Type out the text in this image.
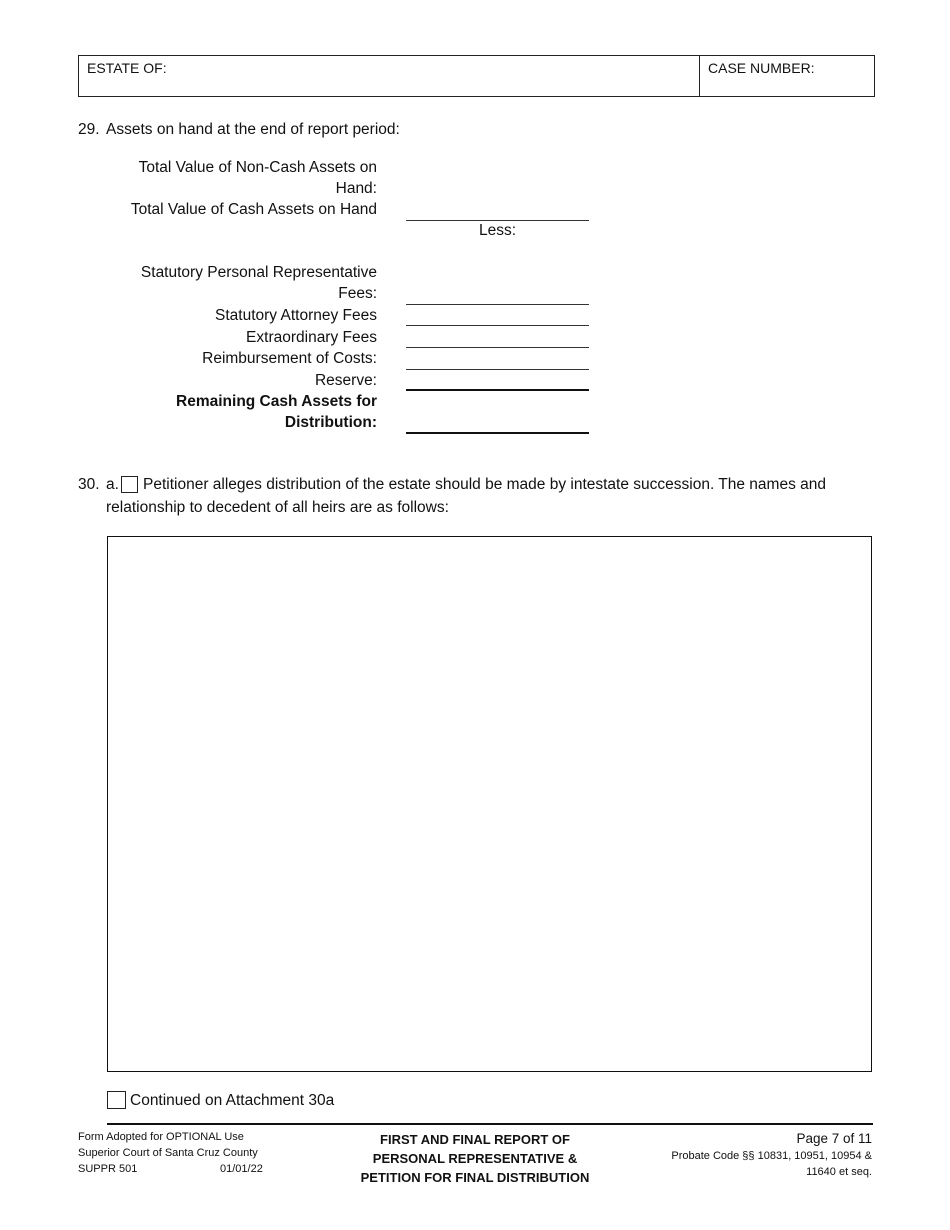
ESTATE OF:	CASE NUMBER:
29. Assets on hand at the end of report period:
Total Value of Non-Cash Assets on
Hand:
Total Value of Cash Assets on Hand
Less:
Statutory Personal Representative
Fees:
Statutory Attorney Fees
Extraordinary Fees
Reimbursement of Costs:
Reserve:
Remaining Cash Assets for
Distribution:
30. a. Petitioner alleges distribution of the estate should be made by intestate succession. The names and
relationship to decedent of all heirs are as follows:
Continued on Attachment 30a
Form Adopted for OPTIONAL Use
Superior Court of Santa Cruz County
SUPPR 501	01/01/22
FIRST AND FINAL REPORT OF
PERSONAL REPRESENTATIVE &
PETITION FOR FINAL DISTRIBUTION
Page 7 of 11
Probate Code §§ 10831, 10951, 10954 &
11640 et seq.
